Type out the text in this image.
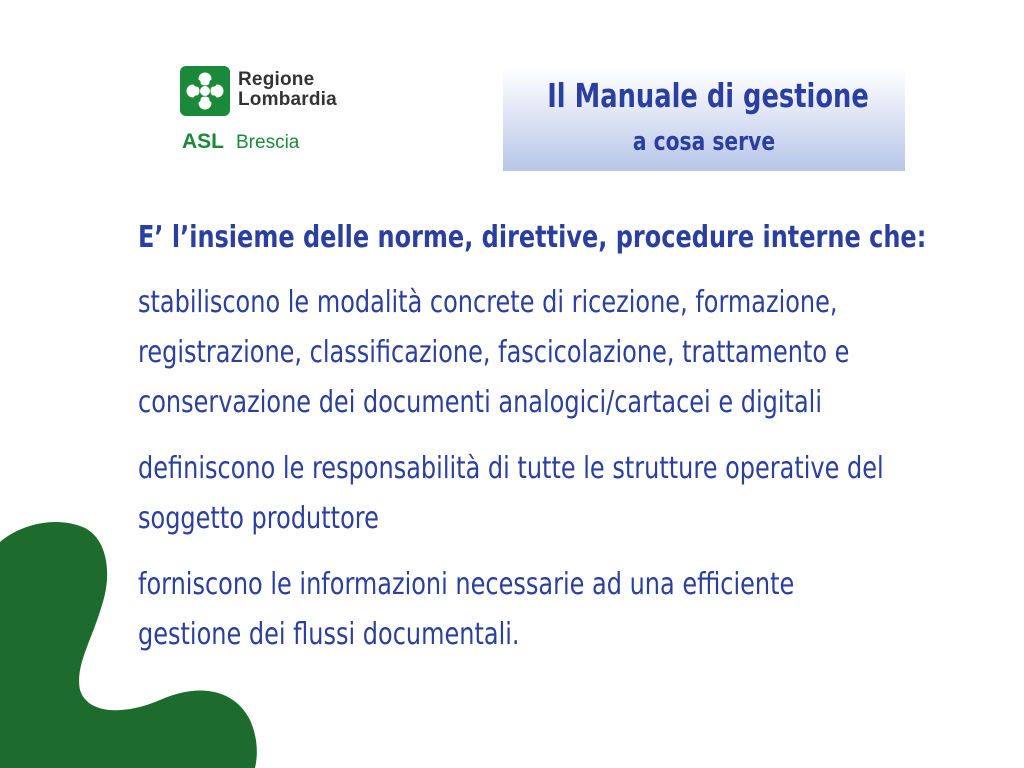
Regione
Lombardia
ASL Brescia
Il Manuale di gestione
a cosa serve
E’ l’insieme delle norme, direttive, procedure interne che:
stabiliscono le modalità concrete di ricezione, formazione,
registrazione, classificazione, fascicolazione, trattamento e
conservazione dei documenti analogici/cartacei e digitali
definiscono le responsabilità di tutte le strutture operative del
soggetto produttore
forniscono le informazioni necessarie ad una efficiente
gestione dei flussi documentali.
